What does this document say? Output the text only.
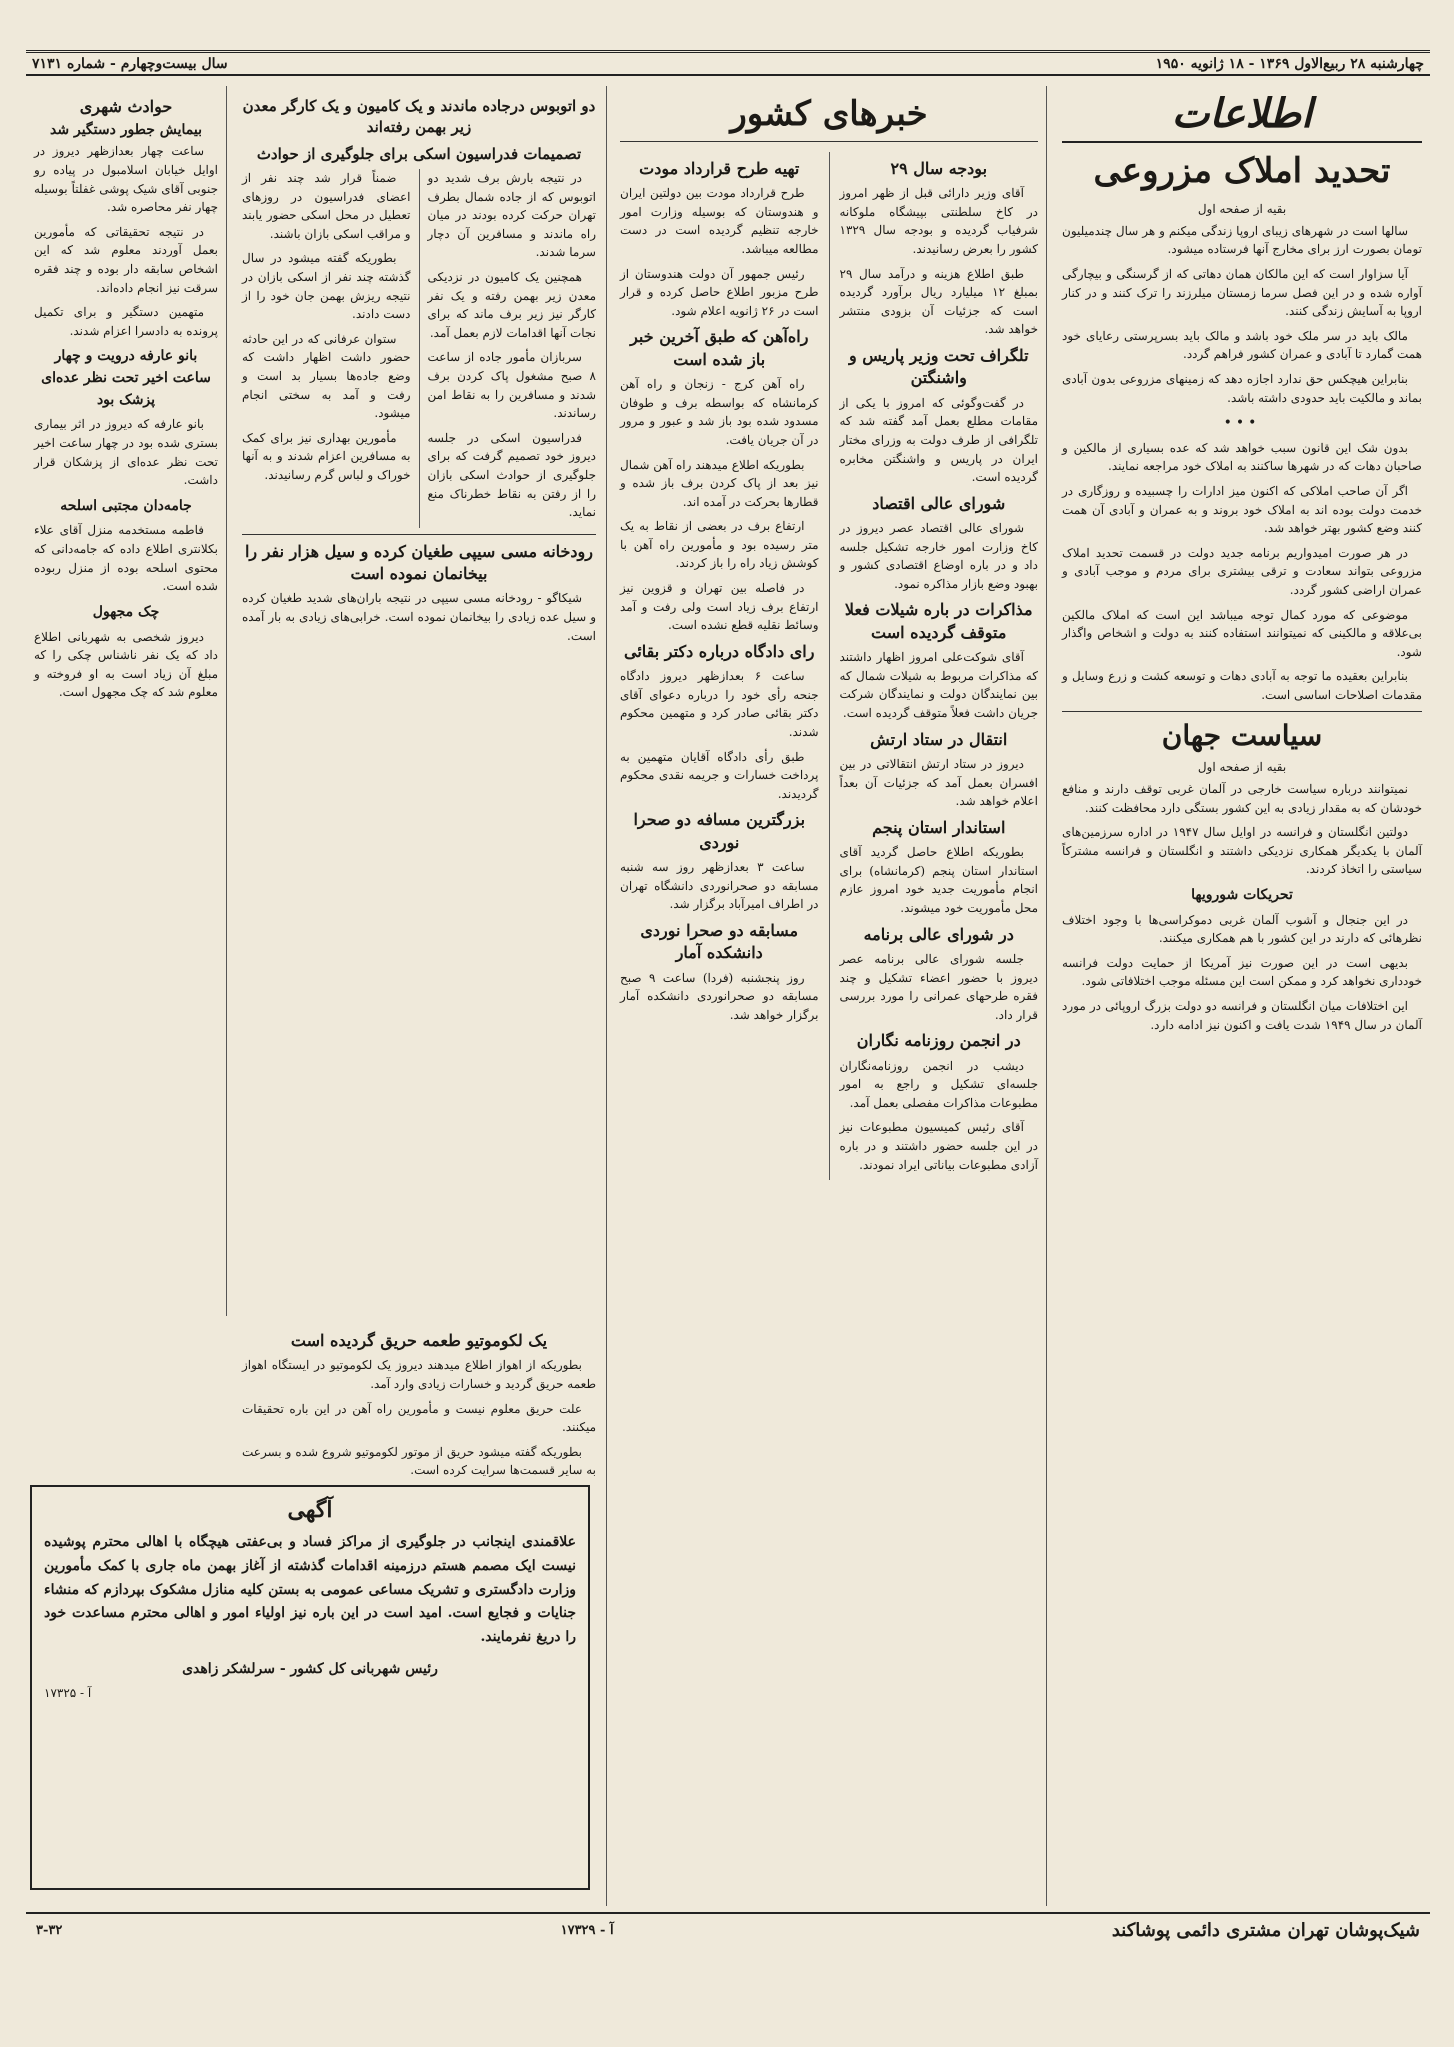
چهارشنبه ۲۸ ربیع‌الاول ۱۳۶۹ - ۱۸ ژانویه ۱۹۵۰
سال بیست‌وچهارم - شماره ۷۱۳۱
اطلاعات
تحدید املاک مزروعی
بقیه از صفحه اول

سالها است در شهرهای زیبای اروپا زندگی میکنم و هر سال چندمیلیون تومان بصورت ارز برای مخارج آنها فرستاده میشود.

آیا سزاوار است که این مالکان همان دهاتی که از گرسنگی و بیچارگی آواره شده و در این فصل سرما زمستان میلرزند را ترک کنند و در کنار اروپا به آسایش زندگی کنند.

مالک باید در سر ملک خود باشد و مالک باید بسرپرستی رعایای خود همت گمارد تا آبادی و عمران کشور فراهم گردد.

بنابراین هیچکس حق ندارد اجازه دهد که زمینهای مزروعی بدون آبادی بماند و مالکیت باید حدودی داشته باشد.

•••

بدون شک این قانون سبب خواهد شد که عده بسیاری از مالکین و صاحبان دهات که در شهرها ساکنند به املاک خود مراجعه نمایند.

اگر آن صاحب املاکی که اکنون میز ادارات را چسبیده و روزگاری در خدمت دولت بوده اند به املاک خود بروند و به عمران و آبادی آن همت کنند وضع کشور بهتر خواهد شد.

در هر صورت امیدواریم برنامه جدید دولت در قسمت تحدید املاک مزروعی بتواند سعادت و ترقی بیشتری برای مردم و موجب آبادی و عمران اراضی کشور گردد.

موضوعی که مورد کمال توجه میباشد این است که املاک مالکین بی‌علاقه و مالکینی که نمیتوانند استفاده کنند به دولت و اشخاص واگذار شود.

بنابراین بعقیده ما توجه به آبادی دهات و توسعه کشت و زرع وسایل و مقدمات اصلاحات اساسی است.

سیاست جهان
بقیه از صفحه اول

نمیتوانند درباره سیاست خارجی در آلمان غربی توقف دارند و منافع خودشان که به مقدار زیادی به این کشور بستگی دارد محافظت کنند.

دولتین انگلستان و فرانسه در اوایل سال ۱۹۴۷ در اداره سرزمین‌های آلمان با یکدیگر همکاری نزدیکی داشتند و انگلستان و فرانسه مشترکاً سیاستی را اتخاذ کردند.

تحریکات شورویها

در این جنجال و آشوب آلمان غربی دموکراسی‌ها با وجود اختلاف نظرهائی که دارند در این کشور با هم همکاری میکنند.

بدیهی است در این صورت نیز آمریکا از حمایت دولت فرانسه خودداری نخواهد کرد و ممکن است این مسئله موجب اختلافاتی شود.

این اختلافات میان انگلستان و فرانسه دو دولت بزرگ اروپائی در مورد آلمان در سال ۱۹۴۹ شدت یافت و اکنون نیز ادامه دارد.

خبرهای کشور
بودجه سال ۲۹

آقای وزیر دارائی قبل از ظهر امروز در کاخ سلطنتی بپیشگاه ملوکانه شرفیاب گردیده و بودجه سال ۱۳۲۹ کشور را بعرض رسانیدند.

طبق اطلاع هزینه و درآمد سال ۲۹ بمبلغ ۱۲ میلیارد ریال برآورد گردیده است که جزئیات آن بزودی منتشر خواهد شد.

تلگراف تحت وزیر پاریس و واشنگتن

در گفت‌وگوئی که امروز با یکی از مقامات مطلع بعمل آمد گفته شد که تلگرافی از طرف دولت به وزرای مختار ایران در پاریس و واشنگتن مخابره گردیده است.

شورای عالی اقتصاد

شورای عالی اقتصاد عصر دیروز در کاخ وزارت امور خارجه تشکیل جلسه داد و در باره اوضاع اقتصادی کشور و بهبود وضع بازار مذاکره نمود.

مذاکرات در باره شیلات فعلا متوقف گردیده است

آقای شوکت‌علی امروز اظهار داشتند که مذاکرات مربوط به شیلات شمال که بین نمایندگان دولت و نمایندگان شرکت جریان داشت فعلاً متوقف گردیده است.

انتقال در ستاد ارتش

دیروز در ستاد ارتش انتقالاتی در بین افسران بعمل آمد که جزئیات آن بعداً اعلام خواهد شد.

استاندار استان پنجم

بطوریکه اطلاع حاصل گردید آقای استاندار استان پنجم (کرمانشاه) برای انجام مأموریت جدید خود امروز عازم محل مأموریت خود میشوند.

در شورای عالی برنامه

جلسه شورای عالی برنامه عصر دیروز با حضور اعضاء تشکیل و چند فقره طرحهای عمرانی را مورد بررسی قرار داد.

در انجمن روزنامه نگاران

دیشب در انجمن روزنامه‌نگاران جلسه‌ای تشکیل و راجع به امور مطبوعات مذاکرات مفصلی بعمل آمد.

آقای رئیس کمیسیون مطبوعات نیز در این جلسه حضور داشتند و در باره آزادی مطبوعات بیاناتی ایراد نمودند.

تهیه طرح قرارداد مودت

طرح قرارداد مودت بین دولتین ایران و هندوستان که بوسیله وزارت امور خارجه تنظیم گردیده است در دست مطالعه میباشد.

رئیس جمهور آن دولت هندوستان از طرح مزبور اطلاع حاصل کرده و قرار است در ۲۶ ژانویه اعلام شود.

راه‌آهن که طبق آخرین خبر باز شده است

راه آهن کرج - زنجان و راه آهن کرمانشاه که بواسطه برف و طوفان مسدود شده بود باز شد و عبور و مرور در آن جریان یافت.

بطوریکه اطلاع میدهند راه آهن شمال نیز بعد از پاک کردن برف باز شده و قطارها بحرکت در آمده اند.

ارتفاع برف در بعضی از نقاط به یک متر رسیده بود و مأمورین راه آهن با کوشش زیاد راه را باز کردند.

در فاصله بین تهران و قزوین نیز ارتفاع برف زیاد است ولی رفت و آمد وسائط نقلیه قطع نشده است.

رای دادگاه درباره دکتر بقائی

ساعت ۶ بعدازظهر دیروز دادگاه جنحه رأی خود را درباره دعوای آقای دکتر بقائی صادر کرد و متهمین محکوم شدند.

طبق رأی دادگاه آقایان متهمین به پرداخت خسارات و جریمه نقدی محکوم گردیدند.

بزرگترین مسافه دو صحرا نوردی

ساعت ۳ بعدازظهر روز سه شنبه مسابقه دو صحرانوردی دانشگاه تهران در اطراف امیرآباد برگزار شد.

مسابقه دو صحرا نوردی دانشکده آمار

روز پنجشنبه (فردا) ساعت ۹ صبح مسابقه دو صحرانوردی دانشکده آمار برگزار خواهد شد.

دو اتوبوس درجاده ماندند و یک کامیون و یک کارگر معدن زیر بهمن رفته‌اند
تصمیمات فدراسیون اسکی برای جلوگیری از حوادث

در نتیجه بارش برف شدید دو اتوبوس که از جاده شمال بطرف تهران حرکت کرده بودند در میان راه ماندند و مسافرین آن دچار سرما شدند.

همچنین یک کامیون در نزدیکی معدن زیر بهمن رفته و یک نفر کارگر نیز زیر برف ماند که برای نجات آنها اقدامات لازم بعمل آمد.

سربازان مأمور جاده از ساعت ۸ صبح مشغول پاک کردن برف شدند و مسافرین را به نقاط امن رساندند.

فدراسیون اسکی در جلسه دیروز خود تصمیم گرفت که برای جلوگیری از حوادث اسکی بازان را از رفتن به نقاط خطرناک منع نماید.

ضمناً قرار شد چند نفر از اعضای فدراسیون در روزهای تعطیل در محل اسکی حضور یابند و مراقب اسکی بازان باشند.

بطوریکه گفته میشود در سال گذشته چند نفر از اسکی بازان در نتیجه ریزش بهمن جان خود را از دست دادند.

ستوان عرفانی که در این حادثه حضور داشت اظهار داشت که وضع جاده‌ها بسیار بد است و رفت و آمد به سختی انجام میشود.

مأمورین بهداری نیز برای کمک به مسافرین اعزام شدند و به آنها خوراک و لباس گرم رسانیدند.

رودخانه مسی سیپی طغیان کرده و سیل هزار نفر را بیخانمان نموده است

شیکاگو - رودخانه مسی سیپی در نتیجه باران‌های شدید طغیان کرده و سیل عده زیادی را بیخانمان نموده است. خرابی‌های زیادی به بار آمده است.

یک لکوموتیو طعمه حریق گردیده است

بطوریکه از اهواز اطلاع میدهند دیروز یک لکوموتیو در ایستگاه اهواز طعمه حریق گردید و خسارات زیادی وارد آمد.

علت حریق معلوم نیست و مأمورین راه آهن در این باره تحقیقات میکنند.

بطوریکه گفته میشود حریق از موتور لکوموتیو شروع شده و بسرعت به سایر قسمت‌ها سرایت کرده است.

حوادث شهری
بیمایش جطور دستگیر شد

ساعت چهار بعدازظهر دیروز در اوایل خیابان اسلامبول در پیاده رو جنوبی آقای شیک پوشی غفلتاً بوسیله چهار نفر محاصره شد.

در نتیجه تحقیقاتی که مأمورین بعمل آوردند معلوم شد که این اشخاص سابقه دار بوده و چند فقره سرقت نیز انجام داده‌اند.

متهمین دستگیر و برای تکمیل پرونده به دادسرا اعزام شدند.

بانو عارفه درویت و چهار ساعت اخیر تحت نظر عده‌ای پزشک بود

بانو عارفه که دیروز در اثر بیماری بستری شده بود در چهار ساعت اخیر تحت نظر عده‌ای از پزشکان قرار داشت.

جامه‌دان مجتبی اسلحه

فاطمه مستخدمه منزل آقای علاء بکلانتری اطلاع داده که جامه‌دانی که محتوی اسلحه بوده از منزل ربوده شده است.

چک مجهول

دیروز شخصی به شهربانی اطلاع داد که یک نفر ناشناس چکی را که مبلغ آن زیاد است به او فروخته و معلوم شد که چک مجهول است.

آگهی
علاقمندی اینجانب در جلوگیری از مراکز فساد و بی‌عفتی هیچگاه با اهالی محترم پوشیده نیست ایک مصمم هستم درزمینه اقدامات گذشته از آغاز بهمن ماه جاری با کمک مأمورین وزارت دادگستری و تشریک مساعی عمومی به بستن کلیه منازل مشکوک بپردازم که منشاء جنایات و فجایع است. امید است در این باره نیز اولیاء امور و اهالی محترم مساعدت خود را دریغ نفرمایند.
رئیس شهربانی کل کشور - سرلشکر زاهدی
آ - ۱۷۳۲۵
شیک‌پوشان تهران مشتری دائمی پوشاکند
آ - ۱۷۳۲۹
۳-۳۲
